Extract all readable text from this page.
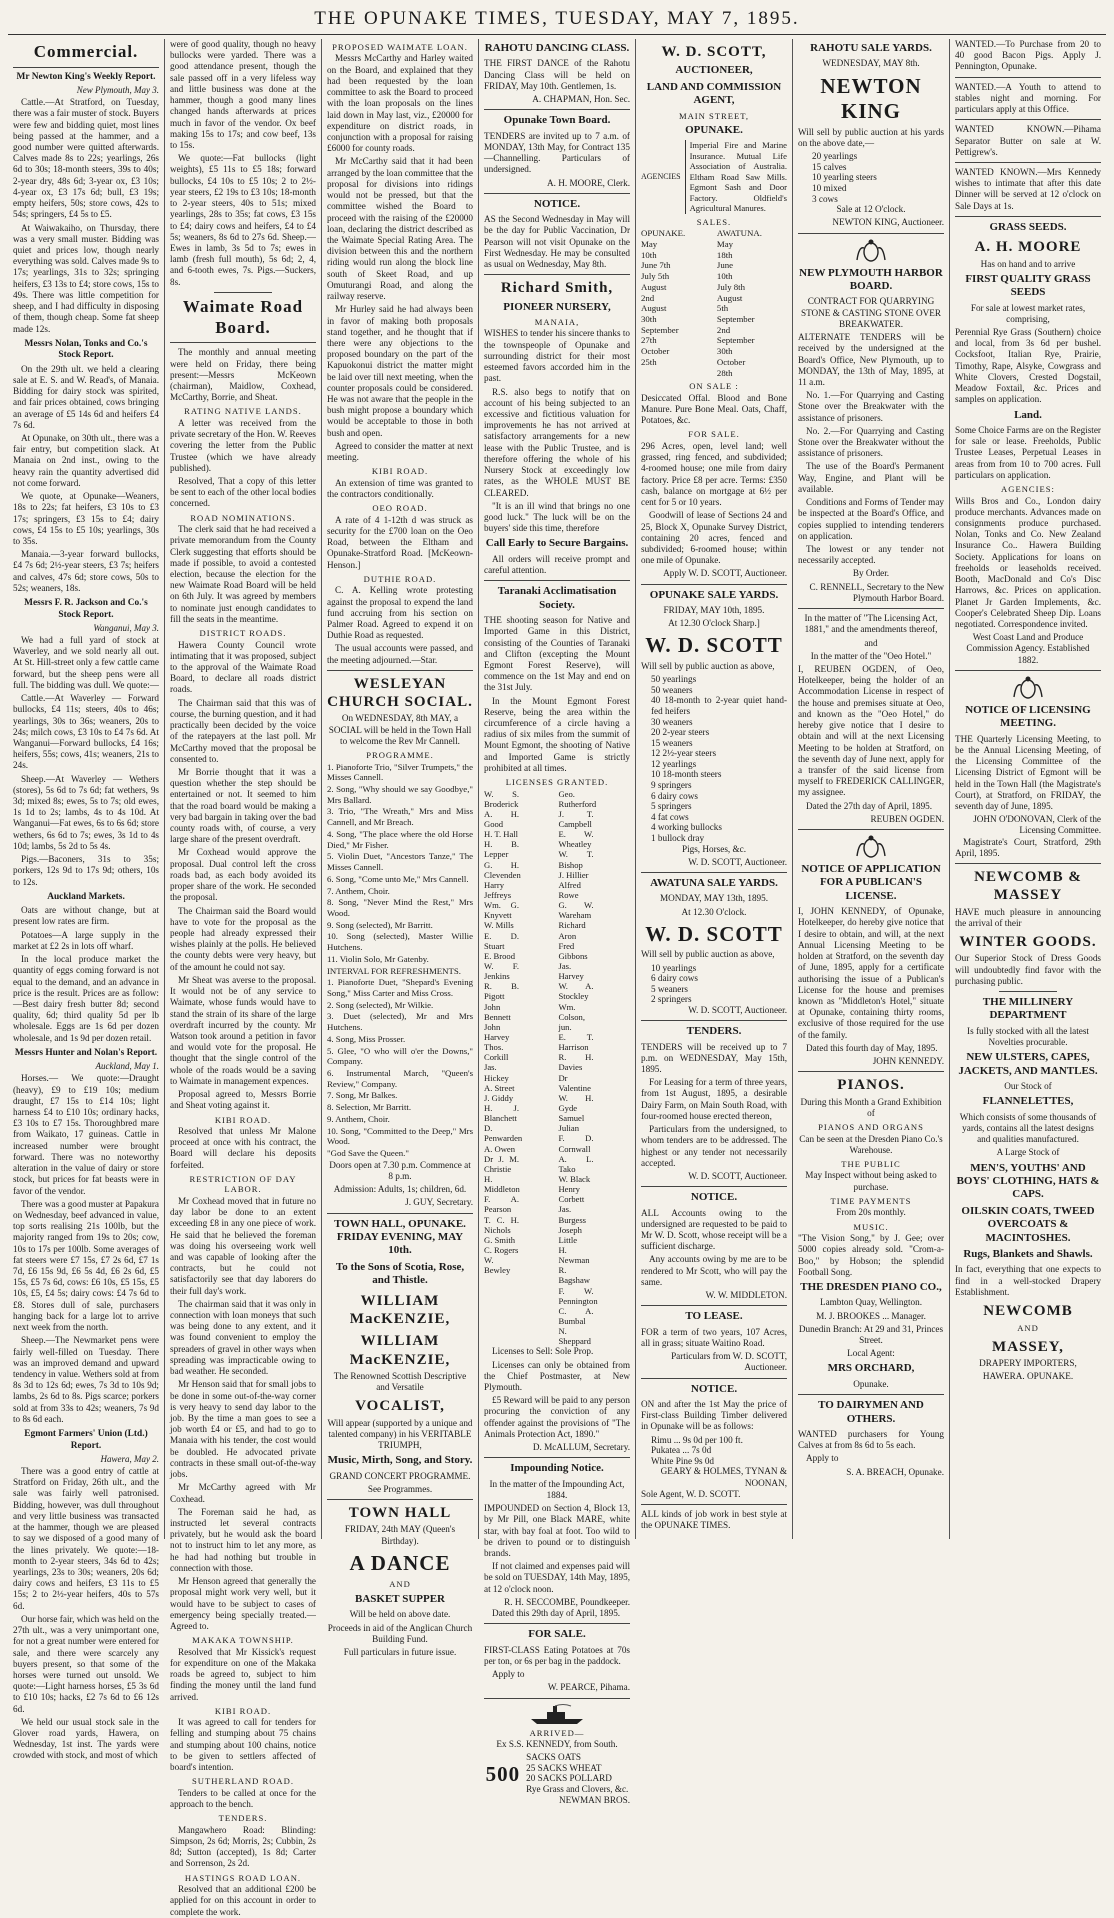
THE OPUNAKE TIMES, TUESDAY, MAY 7, 1895.
Commercial.
Mr Newton King's Weekly Report.
New Plymouth, May 3.

Cattle.—At Stratford, on Tuesday, there was a fair muster of stock. Buyers were few and bidding quiet, most lines being passed at the hammer, and a good number were quitted afterwards. Calves made 8s to 22s; yearlings, 26s 6d to 30s; 18-month steers, 39s to 40s; 2-year dry, 48s 6d; 3-year ox, £3 10s; 4-year ox, £3 17s 6d; bull, £3 19s; empty heifers, 50s; store cows, 42s to 54s; springers, £4 5s to £5.

At Waiwakaiho, on Thursday, there was a very small muster. Bidding was quiet and prices low, though nearly everything was sold. Calves made 9s to 17s; yearlings, 31s to 32s; springing heifers, £3 13s to £4; store cows, 15s to 49s. There was little competition for sheep, and I had difficulty in disposing of them, though cheap. Some fat sheep made 12s.

Messrs Nolan, Tonks and Co.'s Stock Report.

On the 29th ult. we held a clearing sale at E. S. and W. Read's, of Manaia. Bidding for dairy stock was spirited, and fair prices obtained, cows bringing an average of £5 14s 6d and heifers £4 7s 6d.

At Opunake, on 30th ult., there was a fair entry, but competition slack. At Manaia on 2nd inst., owing to the heavy rain the quantity advertised did not come forward.

We quote, at Opunake—Weaners, 18s to 22s; fat heifers, £3 10s to £3 17s; springers, £3 15s to £4; dairy cows, £4 15s to £5 10s; yearlings, 30s to 35s.

Manaia.—3-year forward bullocks, £4 7s 6d; 2½-year steers, £3 7s; heifers and calves, 47s 6d; store cows, 50s to 52s; weaners, 18s.

Messrs F. R. Jackson and Co.'s Stock Report.
Wanganui, May 3.

We had a full yard of stock at Waverley, and we sold nearly all out. At St. Hill-street only a few cattle came forward, but the sheep pens were all full. The bidding was dull. We quote:—

Cattle.—At Waverley — Forward bullocks, £4 11s; steers, 40s to 46s; yearlings, 30s to 36s; weaners, 20s to 24s; milch cows, £3 10s to £4 7s 6d. At Wanganui—Forward bullocks, £4 16s; heifers, 55s; cows, 41s; weaners, 21s to 24s.

Sheep.—At Waverley — Wethers (stores), 5s 6d to 7s 6d; fat wethers, 9s 3d; mixed 8s; ewes, 5s to 7s; old ewes, 1s 1d to 2s; lambs, 4s to 4s 10d. At Wanganui—Fat ewes, 6s to 6s 6d; store wethers, 6s 6d to 7s; ewes, 3s 1d to 4s 10d; lambs, 5s 2d to 5s 4s.

Pigs.—Baconers, 31s to 35s; porkers, 12s 9d to 17s 9d; others, 10s to 12s.

Auckland Markets.

Oats are without change, but at present low rates are firm.

Potatoes—A large supply in the market at £2 2s in lots off wharf.

In the local produce market the quantity of eggs coming forward is not equal to the demand, and an advance in price is the result. Prices are as follow:—Best dairy fresh butter 8d; second quality, 6d; third quality 5d per lb wholesale. Eggs are 1s 6d per dozen wholesale, and 1s 9d per dozen retail.

Messrs Hunter and Nolan's Report.
Auckland, May 1.

Horses.— We quote:—Draught (heavy), £9 to £19 10s; medium draught, £7 15s to £14 10s; light harness £4 to £10 10s; ordinary hacks, £3 10s to £7 15s. Thoroughbred mare from Waikato, 17 guineas. Cattle in increased number were brought forward. There was no noteworthy alteration in the value of dairy or store stock, but prices for fat beasts were in favor of the vendor.

There was a good muster at Papakura on Wednesday, beef advanced in value, top sorts realising 21s 100lb, but the majority ranged from 19s to 20s; cow, 10s to 17s per 100lb. Some averages of fat steers were £7 15s, £7 2s 6d, £7 1s 7d, £6 15s 9d, £6 5s 4d, £6 2s 6d, £5 15s, £5 7s 6d, cows: £6 10s, £5 15s, £5 10s, £5, £4 5s; dairy cows: £4 7s 6d to £8. Stores dull of sale, purchasers hanging back for a large lot to arrive next week from the north.

Sheep.—The Newmarket pens were fairly well-filled on Tuesday. There was an improved demand and upward tendency in value. Wethers sold at from 8s 3d to 12s 6d; ewes, 7s 3d to 10s 9d; lambs, 2s 6d to 8s. Pigs scarce; porkers sold at from 33s to 42s; weaners, 7s 9d to 8s 6d each.

Egmont Farmers' Union (Ltd.) Report.
Hawera, May 2.

There was a good entry of cattle at Stratford on Friday, 26th ult., and the sale was fairly well patronised. Bidding, however, was dull throughout and very little business was transacted at the hammer, though we are pleased to say we disposed of a good many of the lines privately. We quote:—18-month to 2-year steers, 34s 6d to 42s; yearlings, 23s to 30s; weaners, 20s 6d; dairy cows and heifers, £3 11s to £5 15s; 2 to 2½-year heifers, 40s to 57s 6d.

Our horse fair, which was held on the 27th ult., was a very unimportant one, for not a great number were entered for sale, and there were scarcely any buyers present, so that some of the horses were turned out unsold. We quote:—Light harness horses, £5 3s 6d to £10 10s; hacks, £2 7s 6d to £6 12s 6d.

We held our usual stock sale in the Glover road yards, Hawera, on Wednesday, 1st inst. The yards were crowded with stock, and most of which

were of good quality, though no heavy bullocks were yarded. There was a good attendance present, though the sale passed off in a very lifeless way and little business was done at the hammer, though a good many lines changed hands afterwards at prices much in favor of the vendor. Ox beef making 15s to 17s; and cow beef, 13s to 15s.

We quote:—Fat bullocks (light weights), £5 11s to £5 18s; forward bullocks, £4 10s to £5 10s; 2 to 2½-year steers, £2 19s to £3 10s; 18-month to 2-year steers, 40s to 51s; mixed yearlings, 28s to 35s; fat cows, £3 15s to £4; dairy cows and heifers, £4 to £4 5s; weaners, 8s 6d to 27s 6d. Sheep.—Ewes in lamb, 3s 5d to 7s; ewes in lamb (fresh full mouth), 5s 6d; 2, 4, and 6-tooth ewes, 7s. Pigs.—Suckers, 8s.

Waimate Road Board.

The monthly and annual meeting were held on Friday, there being present:—Messrs McKeown (chairman), Maidlow, Coxhead, McCarthy, Borrie, and Sheat.

RATING NATIVE LANDS.

A letter was received from the private secretary of the Hon. W. Reeves covering the letter from the Public Trustee (which we have already published).

Resolved, That a copy of this letter be sent to each of the other local bodies concerned.

ROAD NOMINATIONS.

The clerk said that he had received a private memorandum from the County Clerk suggesting that efforts should be made if possible, to avoid a contested election, because the election for the new Waimate Road Board will be held on 6th July. It was agreed by members to nominate just enough candidates to fill the seats in the meantime.

DISTRICT ROADS.

Hawera County Council wrote intimating that it was proposed, subject to the approval of the Waimate Road Board, to declare all roads district roads.

The Chairman said that this was of course, the burning question, and it had practically been decided by the voice of the ratepayers at the last poll. Mr McCarthy moved that the proposal be consented to.

Mr Borrie thought that it was a question whether the step should be entertained or not. It seemed to him that the road board would be making a very bad bargain in taking over the bad county roads with, of course, a very large share of the present overdraft.

Mr Coxhead would approve the proposal. Dual control left the cross roads bad, as each body avoided its proper share of the work. He seconded the proposal.

The Chairman said the Board would have to vote for the proposal as the people had already expressed their wishes plainly at the polls. He believed the county debts were very heavy, but of the amount he could not say.

Mr Sheat was averse to the proposal. It would not be of any service to Waimate, whose funds would have to stand the strain of its share of the large overdraft incurred by the county. Mr Watson took around a petition in favor and would vote for the proposal. He thought that the single control of the whole of the roads would be a saving to Waimate in management expences.

Proposal agreed to, Messrs Borrie and Sheat voting against it.

KIBI ROAD.

Resolved that unless Mr Malone proceed at once with his contract, the Board will declare his deposits forfeited.

RESTRICTION OF DAY LABOR.

Mr Coxhead moved that in future no day labor be done to an extent exceeding £8 in any one piece of work. He said that he believed the foreman was doing his overseeing work well and was capable of looking after the contracts, but he could not satisfactorily see that day laborers do their full day's work.

The chairman said that it was only in connection with loan moneys that such was being done to any extent, and it was found convenient to employ the spreaders of gravel in other ways when spreading was impracticable owing to bad weather. He seconded.

Mr Henson said that for small jobs to be done in some out-of-the-way corner is very heavy to send day labor to the job. By the time a man goes to see a job worth £4 or £5, and had to go to Manaia with his tender, the cost would be doubled. He advocated private contracts in these small out-of-the-way jobs.

Mr McCarthy agreed with Mr Coxhead.

The Foreman said he had, as instructed let several contracts privately, but he would ask the board not to instruct him to let any more, as he had had nothing but trouble in connection with those.

Mr Henson agreed that generally the proposal might work very well, but it would have to be subject to cases of emergency being specially treated.—Agreed to.

MAKAKA TOWNSHIP.

Resolved that Mr Kissick's request for expenditure on one of the Makaka roads be agreed to, subject to him finding the money until the land fund arrived.

KIBI ROAD.

It was agreed to call for tenders for felling and stumping about 75 chains and stumping about 100 chains, notice to be given to settlers affected of board's intention.

SUTHERLAND ROAD.

Tenders to be called at once for the approach to the bench.

TENDERS.

Mangawhero Road: Blinding: Simpson, 2s 6d; Morris, 2s; Cubbin, 2s 8d; Sutton (accepted), 1s 8d; Carter and Sorrenson, 2s 2d.

HASTINGS ROAD LOAN.

Resolved that an additional £200 be applied for on this account in order to complete the work.

PROPOSED WAIMATE LOAN.

Messrs McCarthy and Harley waited on the Board, and explained that they had been requested by the loan committee to ask the Board to proceed with the loan proposals on the lines laid down in May last, viz., £20000 for expenditure on district roads, in conjunction with a proposal for raising £6000 for county roads.

Mr McCarthy said that it had been arranged by the loan committee that the proposal for divisions into ridings would not be pressed, but that the committee wished the Board to proceed with the raising of the £20000 loan, declaring the district described as the Waimate Special Rating Area. The division between this and the northern riding would run along the block line south of Skeet Road, and up Omuturangi Road, and along the railway reserve.

Mr Hurley said he had always been in favor of making both proposals stand together, and he thought that if there were any objections to the proposed boundary on the part of the Kapuokonui district the matter might be laid over till next meeting, when the counter proposals could be considered. He was not aware that the people in the bush might propose a boundary which would be acceptable to those in both bush and open.

Agreed to consider the matter at next meeting.

KIBI ROAD.

An extension of time was granted to the contractors conditionally.

OEO ROAD.

A rate of 4 1-12th d was struck as security for the £700 loan on the Oeo Road, between the Eltham and Opunake-Stratford Road. [McKeown-Henson.]

DUTHIE ROAD.

C. A. Kelling wrote protesting against the proposal to expend the land fund accruing from his section on Palmer Road. Agreed to expend it on Duthie Road as requested.

The usual accounts were passed, and the meeting adjourned.—Star.

WESLEYAN CHURCH SOCIAL.

On WEDNESDAY, 8th MAY, a SOCIAL will be held in the Town Hall to welcome the Rev Mr Cannell.

PROGRAMME.
1. Pianoforte Trio, "Silver Trumpets," the Misses Cannell.
2. Song, "Why should we say Goodbye," Mrs Ballard.
3. Trio, "The Wreath," Mrs and Miss Cannell, and Mr Breach.
4. Song, "The place where the old Horse Died," Mr Fisher.
5. Violin Duet, "Ancestors Tanze," The Misses Cannell.
6. Song, "Come unto Me," Mrs Cannell.
7. Anthem, Choir.
8. Song, "Never Mind the Rest," Mrs Wood.
9. Song (selected), Mr Barritt.
10. Song (selected), Master Willie Hutchens.
11. Violin Solo, Mr Gatenby.
INTERVAL FOR REFRESHMENTS.
1. Pianoforte Duet, "Shepard's Evening Song," Miss Carter and Miss Cross.
2. Song (selected), Mr Wilkie.
3. Duet (selected), Mr and Mrs Hutchens.
4. Song, Miss Prosser.
5. Glee, "O who will o'er the Downs," Company.
6. Instrumental March, "Queen's Review," Company.
7. Song, Mr Balkes.
8. Selection, Mr Barritt.
9. Anthem, Choir.
10. Song, "Committed to the Deep," Mrs Wood.
"God Save the Queen."

Doors open at 7.30 p.m. Commence at 8 p.m.

Admission: Adults, 1s; children, 6d.

J. GUY, Secretary.
TOWN HALL, OPUNAKE. FRIDAY EVENING, MAY 10th.
To the Sons of Scotia, Rose, and Thistle.
WILLIAM MacKENZIE,
WILLIAM MacKENZIE,

The Renowned Scottish Descriptive and Versatile

VOCALIST,

Will appear (supported by a unique and talented company) in his VERITABLE TRIUMPH,

Music, Mirth, Song, and Story.

GRAND CONCERT PROGRAMME.

See Programmes.

TOWN HALL

FRIDAY, 24th MAY (Queen's Birthday).

A DANCE
AND
BASKET SUPPER

Will be held on above date.

Proceeds in aid of the Anglican Church Building Fund.

Full particulars in future issue.

RAHOTU DANCING CLASS.

THE FIRST DANCE of the Rahotu Dancing Class will be held on FRIDAY, May 10th. Gentlemen, 1s.

A. CHAPMAN, Hon. Sec.
Opunake Town Board.

TENDERS are invited up to 7 a.m. of MONDAY, 13th May, for Contract 135—Channelling. Particulars of undersigned.

A. H. MOORE, Clerk.
NOTICE.

AS the Second Wednesday in May will be the day for Public Vaccination, Dr Pearson will not visit Opunake on the First Wednesday. He may be consulted as usual on Wednesday, May 8th.

Richard Smith,
PIONEER NURSERY,
MANAIA,

WISHES to tender his sincere thanks to the townspeople of Opunake and surrounding district for their most esteemed favors accorded him in the past.

R.S. also begs to notify that on account of his being subjected to an excessive and fictitious valuation for improvements he has not arrived at satisfactory arrangements for a new lease with the Public Trustee, and is therefore offering the whole of his Nursery Stock at exceedingly low rates, as the WHOLE MUST BE CLEARED.

"It is an ill wind that brings no one good luck." The luck will be on the buyers' side this time, therefore

Call Early to Secure Bargains.

All orders will receive prompt and careful attention.

Taranaki Acclimatisation Society.

THE shooting season for Native and Imported Game in this District, consisting of the Counties of Taranaki and Clifton (excepting the Mount Egmont Forest Reserve), will commence on the 1st May and end on the 31st July.

In the Mount Egmont Forest Reserve, being the area within the circumference of a circle having a radius of six miles from the summit of Mount Egmont, the shooting of Native and Imported Game is strictly prohibited at all times.

LICENSES GRANTED.
W. S. Broderick
A. H. Good
H. T. Hall
H. B. Lepper
G. H. Clevenden
Harry Jeffreys
Wm. G. Knyvett
W. Mills
E. D. Stuart
E. Brood
W. F. Jenkins
R. B. Pigott
John Bennett
John Harvey
Thos. Corkill
Jas. Hickey
A. Street
J. Giddy
H. J. Blanchett
D. Penwarden
A. Owen
Dr J. M. Christie
H. Middleton
F. A. Pearson
T. C. H. Nichols
G. Smith
C. Rogers
W. Bewley
Geo. Rutherford
J. T. Campbell
E. W. Wheatley
W. T. Bishop
J. Hillier
Alfred Rowe
G. W. Wareham
Richard Aron
Fred Gibbons
Jas. Harvey
W. A. Stockley
Wm. Colson, jun.
E. T. Harrison
R. H. Davies
Dr Valentine
W. H. Gyde
Samuel Julian
F. D. Cornwall
A. L. Tako
W. Black
Henry Corbett
Jas. Burgess
Joseph Little
H. Newman
R. Bagshaw
F. W. Pennington
C. A. Bumbal
N. Sheppard

Licenses to Sell: Sole Prop.

Licenses can only be obtained from the Chief Postmaster, at New Plymouth.

£5 Reward will be paid to any person procuring the conviction of any offender against the provisions of "The Animals Protection Act, 1890."

D. McALLUM, Secretary.
Impounding Notice.

In the matter of the Impounding Act, 1884.

IMPOUNDED on Section 4, Block 13, by Mr Pill, one Black MARE, white star, with bay foal at foot. Too wild to be driven to pound or to distinguish brands.

If not claimed and expenses paid will be sold on TUESDAY, 14th May, 1895, at 12 o'clock noon.

R. H. SECCOMBE, Poundkeeper.

Dated this 29th day of April, 1895.

FOR SALE.

FIRST-CLASS Eating Potatoes at 70s per ton, or 6s per bag in the paddock.

Apply to

W. PEARCE, Pihama.
ARRIVED—

Ex S.S. KENNEDY, from South.

500
SACKS OATS
25 SACKS WHEAT
20 SACKS POLLARD
Rye Grass and Clovers, &c.
NEWMAN BROS.
W. D. SCOTT,
AUCTIONEER,
LAND AND COMMISSION AGENT,
MAIN STREET,
OPUNAKE.
AGENCIES
Imperial Fire and Marine Insurance. Mutual Life Association of Australia. Eltham Road Saw Mills. Egmont Sash and Door Factory. Oldfield's Agricultural Manures.
SALES.
OPUNAKE.
May 10th
June 7th
July 5th
August 2nd
August 30th
September 27th
October 25th
AWATUNA.
May 18th
June 10th
July 8th
August 5th
September 2nd
September 30th
October 28th
ON SALE :

Desiccated Offal. Blood and Bone Manure. Pure Bone Meal. Oats, Chaff, Potatoes, &c.

FOR SALE.

296 Acres, open, level land; well grassed, ring fenced, and subdivided; 4-roomed house; one mile from dairy factory. Price £8 per acre. Terms: £350 cash, balance on mortgage at 6½ per cent for 5 or 10 years.

Goodwill of lease of Sections 24 and 25, Block X, Opunake Survey District, containing 20 acres, fenced and subdivided; 6-roomed house; within one mile of Opunake.

Apply W. D. SCOTT, Auctioneer.
OPUNAKE SALE YARDS.

FRIDAY, MAY 10th, 1895.

At 12.30 O'clock Sharp.]

W. D. SCOTT

Will sell by public auction as above,

50 yearlings
50 weaners
40 18-month to 2-year quiet hand-fed heifers
30 weaners
20 2-year steers
15 weaners
12 2½-year steers
12 yearlings
10 18-month steers
9 springers
6 dairy cows
5 springers
4 fat cows
4 working bullocks
1 bullock dray

Pigs, Horses, &c.

W. D. SCOTT, Auctioneer.
AWATUNA SALE YARDS.

MONDAY, MAY 13th, 1895.

At 12.30 O'clock.

W. D. SCOTT

Will sell by public auction as above,

10 yearlings
6 dairy cows
5 weaners
2 springers
W. D. SCOTT, Auctioneer.
TENDERS.

TENDERS will be received up to 7 p.m. on WEDNESDAY, May 15th, 1895.

For Leasing for a term of three years, from 1st August, 1895, a desirable Dairy Farm, on Main South Road, with four-roomed house erected thereon,

Particulars from the undersigned, to whom tenders are to be addressed. The highest or any tender not necessarily accepted.

W. D. SCOTT, Auctioneer.
NOTICE.

ALL Accounts owing to the undersigned are requested to be paid to Mr W. D. Scott, whose receipt will be a sufficient discharge.

Any accounts owing by me are to be rendered to Mr Scott, who will pay the same.

W. W. MIDDLETON.
TO LEASE.

FOR a term of two years, 107 Acres, all in grass; situate Waitino Road.

Particulars from W. D. SCOTT, Auctioneer.
NOTICE.

ON and after the 1st May the price of First-class Building Timber delivered in Opunake will be as follows:

Rimu ... 9s 0d per 100 ft.
Pukatea ... 7s 0d
White Pine 9s 0d
GEARY & HOLMES, TYNAN & NOONAN,

Sole Agent, W. D. SCOTT.

ALL kinds of job work in best style at the OPUNAKE TIMES.

RAHOTU SALE YARDS.

WEDNESDAY, MAY 8th.

NEWTON KING

Will sell by public auction at his yards on the above date,—

20 yearlings
15 calves
10 yearling steers
10 mixed
3 cows

Sale at 12 O'clock.

NEWTON KING, Auctioneer.
NEW PLYMOUTH HARBOR BOARD.

CONTRACT FOR QUARRYING STONE & CASTING STONE OVER BREAKWATER.

ALTERNATE TENDERS will be received by the undersigned at the Board's Office, New Plymouth, up to MONDAY, the 13th of May, 1895, at 11 a.m.

No. 1.—For Quarrying and Casting Stone over the Breakwater with the assistance of prisoners.

No. 2.—For Quarrying and Casting Stone over the Breakwater without the assistance of prisoners.

The use of the Board's Permanent Way, Engine, and Plant will be available.

Conditions and Forms of Tender may be inspected at the Board's Office, and copies supplied to intending tenderers on application.

The lowest or any tender not necessarily accepted.

By Order.

C. RENNELL, Secretary to the New Plymouth Harbor Board.

In the matter of "The Licensing Act, 1881," and the amendments thereof,

and

In the matter of the "Oeo Hotel."

I, REUBEN OGDEN, of Oeo, Hotelkeeper, being the holder of an Accommodation License in respect of the house and premises situate at Oeo, and known as the "Oeo Hotel," do hereby give notice that I desire to obtain and will at the next Licensing Meeting to be holden at Stratford, on the seventh day of June next, apply for a transfer of the said license from myself to FREDERICK CALLINGER, my assignee.

Dated the 27th day of April, 1895.

REUBEN OGDEN.
NOTICE OF APPLICATION FOR A PUBLICAN'S LICENSE.

I, JOHN KENNEDY, of Opunake, Hotelkeeper, do hereby give notice that I desire to obtain, and will, at the next Annual Licensing Meeting to be holden at Stratford, on the seventh day of June, 1895, apply for a certificate authorising the issue of a Publican's License for the house and premises known as "Middleton's Hotel," situate at Opunake, containing thirty rooms, exclusive of those required for the use of the family.

Dated this fourth day of May, 1895.

JOHN KENNEDY.
PIANOS.

During this Month a Grand Exhibition of

PIANOS AND ORGANS

Can be seen at the Dresden Piano Co.'s Warehouse.

THE PUBLIC

May Inspect without being asked to purchase.

TIME PAYMENTS

From 20s monthly.

MUSIC.

"The Vision Song," by J. Gee; over 5000 copies already sold. "Crom-a-Boo," by Hobson; the splendid Football Song.

THE DRESDEN PIANO CO.,

Lambton Quay, Wellington.

M. J. BROOKES ... Manager.

Dunedin Branch: At 29 and 31, Princes Street.

Local Agent:

MRS ORCHARD,

Opunake.

TO DAIRYMEN AND OTHERS.

WANTED purchasers for Young Calves at from 8s 6d to 5s each.

Apply to

S. A. BREACH, Opunake.

WANTED.—To Purchase from 20 to 40 good Bacon Pigs. Apply J. Pennington, Opunake.

WANTED.—A Youth to attend to stables night and morning. For particulars apply at this Office.

WANTED KNOWN.—Pihama Separator Butter on sale at W. Pettigrew's.

WANTED KNOWN.—Mrs Kennedy wishes to intimate that after this date Dinner will be served at 12 o'clock on Sale Days at 1s.

GRASS SEEDS.
A. H. MOORE

Has on hand and to arrive

FIRST QUALITY GRASS SEEDS

For sale at lowest market rates, comprising,

Perennial Rye Grass (Southern) choice and local, from 3s 6d per bushel. Cocksfoot, Italian Rye, Prairie, Timothy, Rape, Alsyke, Cowgrass and White Clovers, Crested Dogstail, Meadow Foxtail, &c. Prices and samples on application.

Land.

Some Choice Farms are on the Register for sale or lease. Freeholds, Public Trustee Leases, Perpetual Leases in areas from from 10 to 700 acres. Full particulars on application.

AGENCIES:

Wills Bros and Co., London dairy produce merchants. Advances made on consignments produce purchased. Nolan, Tonks and Co. New Zealand Insurance Co.. Hawera Building Society. Applications for loans on freeholds or leaseholds received. Booth, MacDonald and Co's Disc Harrows, &c. Prices on application. Planet Jr Garden Implements, &c. Cooper's Celebrated Sheep Dip. Loans negotiated. Correspondence invited.

West Coast Land and Produce Commission Agency. Established 1882.

NOTICE OF LICENSING MEETING.

THE Quarterly Licensing Meeting, to be the Annual Licensing Meeting, of the Licensing Committee of the Licensing District of Egmont will be held in the Town Hall (the Magistrate's Court), at Stratford, on FRIDAY, the seventh day of June, 1895.

JOHN O'DONOVAN, Clerk of the Licensing Committee.

Magistrate's Court, Stratford, 29th April, 1895.

NEWCOMB & MASSEY

HAVE much pleasure in announcing the arrival of their

WINTER GOODS.

Our Superior Stock of Dress Goods will undoubtedly find favor with the purchasing public.

THE MILLINERY DEPARTMENT

Is fully stocked with all the latest Novelties procurable.

NEW ULSTERS, CAPES, JACKETS, AND MANTLES.

Our Stock of

FLANNELETTES,

Which consists of some thousands of yards, contains all the latest designs and qualities manufactured.

A Large Stock of

MEN'S, YOUTHS' AND BOYS' CLOTHING, HATS & CAPS.
OILSKIN COATS, TWEED OVERCOATS & MACINTOSHES.
Rugs, Blankets and Shawls.

In fact, everything that one expects to find in a well-stocked Drapery Establishment.

NEWCOMB
AND
MASSEY,

DRAPERY IMPORTERS,

HAWERA. OPUNAKE.
